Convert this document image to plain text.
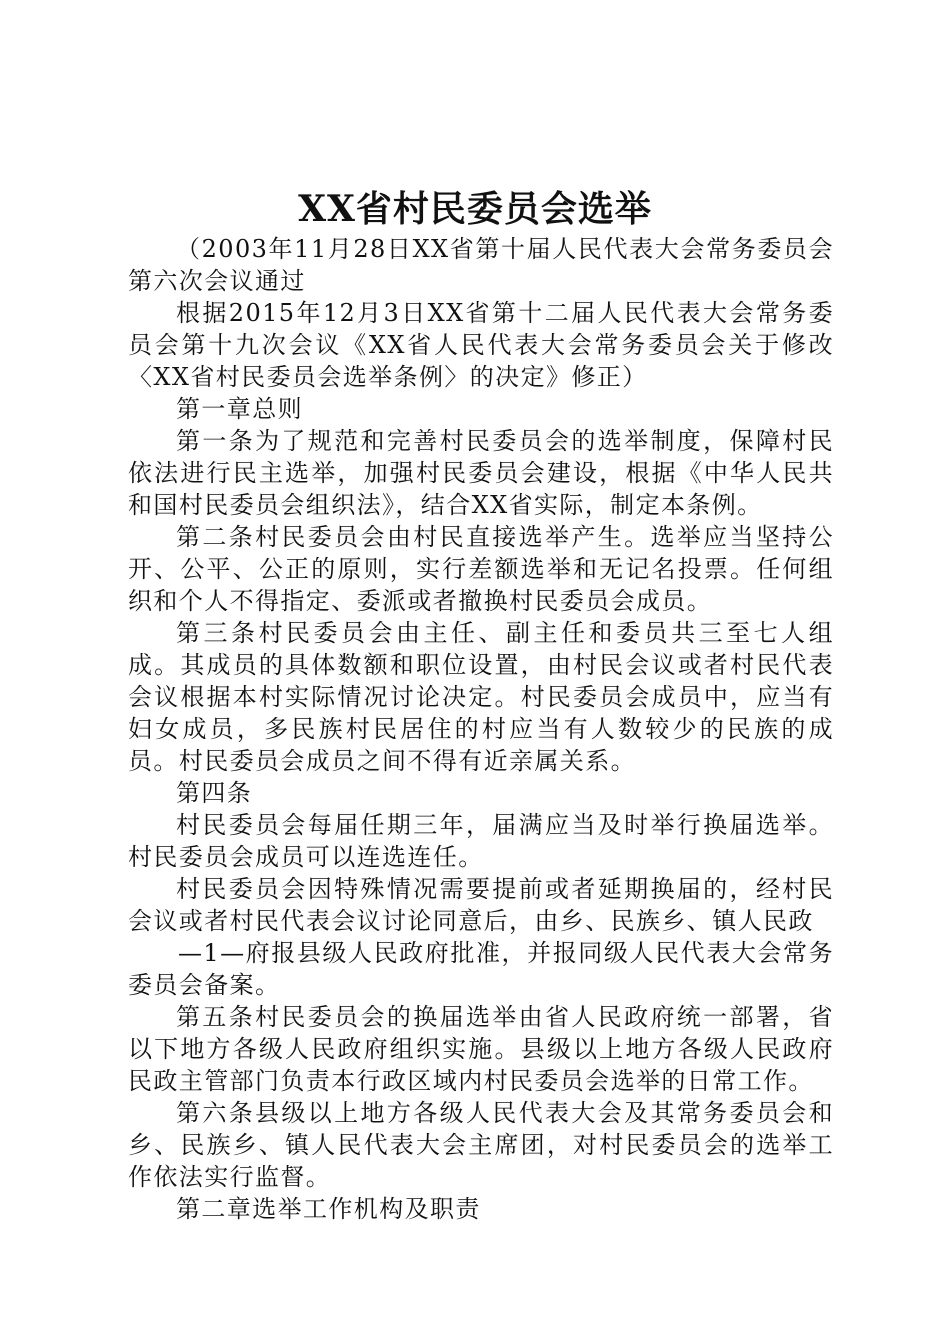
XX省村民委员会选举

（2003年11月28日XX省第十届人民代表大会常务委员会第六次会议通过

根据2015年12月3日XX省第十二届人民代表大会常务委员会第十九次会议《XX省人民代表大会常务委员会关于修改〈XX省村民委员会选举条例〉的决定》修正）

第一章总则

第一条为了规范和完善村民委员会的选举制度，保障村民依法进行民主选举，加强村民委员会建设，根据《中华人民共和国村民委员会组织法》，结合XX省实际，制定本条例。

第二条村民委员会由村民直接选举产生。选举应当坚持公开、公平、公正的原则，实行差额选举和无记名投票。任何组织和个人不得指定、委派或者撤换村民委员会成员。

第三条村民委员会由主任、副主任和委员共三至七人组成。其成员的具体数额和职位设置，由村民会议或者村民代表会议根据本村实际情况讨论决定。村民委员会成员中，应当有妇女成员，多民族村民居住的村应当有人数较少的民族的成员。村民委员会成员之间不得有近亲属关系。

第四条

村民委员会每届任期三年，届满应当及时举行换届选举。村民委员会成员可以连选连任。

村民委员会因特殊情况需要提前或者延期换届的，经村民会议或者村民代表会议讨论同意后，由乡、民族乡、镇人民政

—1—府报县级人民政府批准，并报同级人民代表大会常务委员会备案。

第五条村民委员会的换届选举由省人民政府统一部署，省以下地方各级人民政府组织实施。县级以上地方各级人民政府民政主管部门负责本行政区域内村民委员会选举的日常工作。

第六条县级以上地方各级人民代表大会及其常务委员会和乡、民族乡、镇人民代表大会主席团，对村民委员会的选举工作依法实行监督。

第二章选举工作机构及职责
